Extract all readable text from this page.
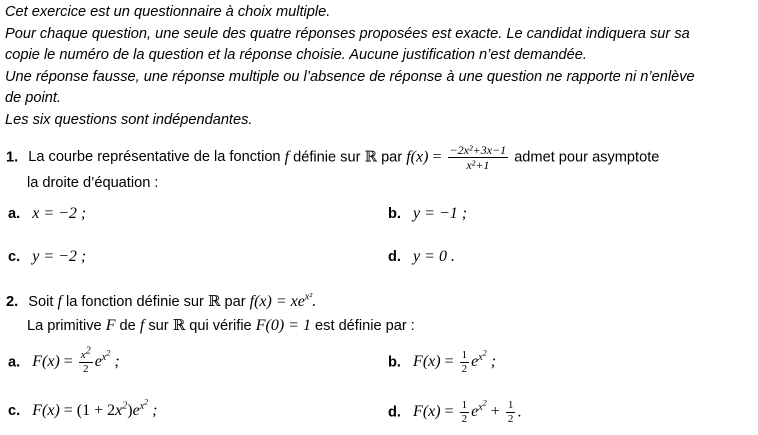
Cet exercice est un questionnaire à choix multiple.

Pour chaque question, une seule des quatre réponses proposées est exacte. Le candidat indiquera sur sa

copie le numéro de la question et la réponse choisie. Aucune justification n’est demandée.

Une réponse fausse, une réponse multiple ou l’absence de réponse à une question ne rapporte ni n’enlève

de point.

Les six questions sont indépendantes.

1. La courbe représentative de la fonction f définie sur ℝ par $f(x) = \frac{\text{−2x²+3x−1}}{\text{x²+1}}$ admet pour asymptote
la droite d’équation :
a. x = −2 ;	b. y = −1 ;
c. y = −2 ;	d. y = 0 .
2. Soit f la fonction définie sur ℝ par $f(x) = xe^{x^2}$.
La primitive F de f sur ℝ qui vérifie F(0) = 1 est définie par :
a. $F(x) = \frac{x^2}{2} e^{x^2}$ ;	b. $F(x) = \frac{1}{2} e^{x^2}$ ;
c. $F(x) = (1 + 2x^2)e^{x^2}$ ;	d. $F(x) = \frac{1}{2} e^{x^2} + \frac{1}{2}$ .
